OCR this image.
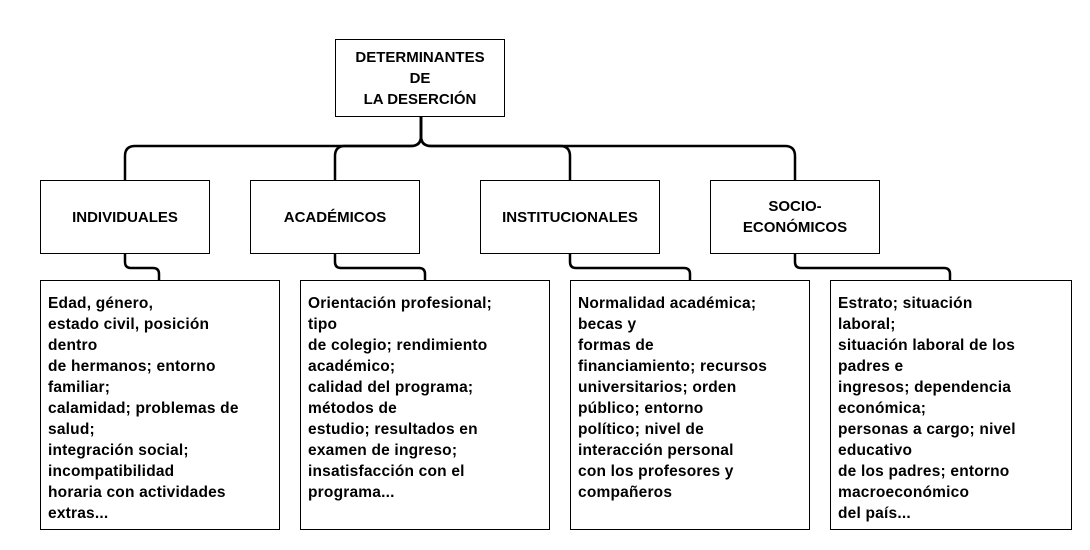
DETERMINANTES
DE
LA DESERCIÓN
INDIVIDUALES	ACADÉMICOS	INSTITUCIONALES
SOCIO-
ECONÓMICOS
Edad, género,
estado civil, posición
dentro
de hermanos; entorno
familiar;
calamidad; problemas de
salud;
integración social;
incompatibilidad
horaria con actividades
extras...
Orientación profesional;
tipo
de colegio; rendimiento
académico;
calidad del programa;
métodos de
estudio; resultados en
examen de ingreso;
insatisfacción con el
programa...
Normalidad académica;
becas y
formas de
financiamiento; recursos
universitarios; orden
público; entorno
político; nivel de
interacción personal
con los profesores y
compañeros
Estrato; situación
laboral;
situación laboral de los
padres e
ingresos; dependencia
económica;
personas a cargo; nivel
educativo
de los padres; entorno
macroeconómico
del país...
